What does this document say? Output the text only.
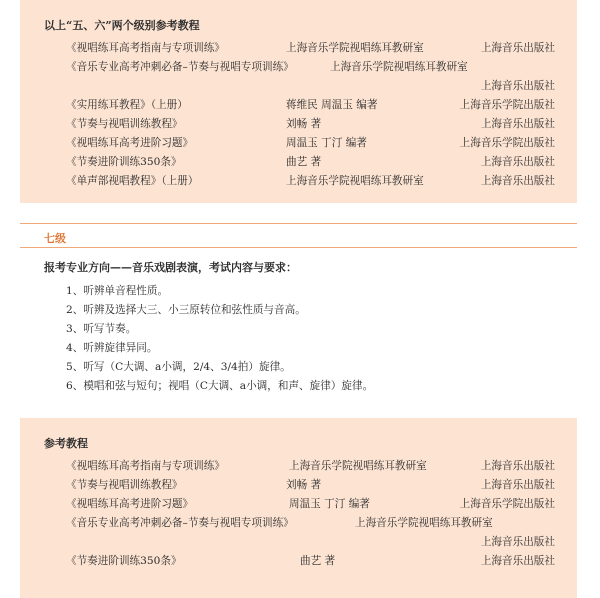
以上“五、六”两个级别参考教程
《视唱练耳高考指南与专项训练》	上海音乐学院视唱练耳教研室	上海音乐出版社
《音乐专业高考冲刺必备–节奏与视唱专项训练》	上海音乐学院视唱练耳教研室
上海音乐出版社
《实用练耳教程》（上册）	蒋维民 周温玉 编著	上海音乐学院出版社
《节奏与视唱训练教程》	刘畅 著	上海音乐出版社
《视唱练耳高考进阶习题》	周温玉 丁汀 编著	上海音乐学院出版社
《节奏进阶训练350条》	曲艺 著	上海音乐出版社
《单声部视唱教程》（上册）	上海音乐学院视唱练耳教研室	上海音乐出版社
七级
报考专业方向——音乐戏剧表演，考试内容与要求：
1、听辨单音程性质。
2、听辨及选择大三、小三原转位和弦性质与音高。
3、听写节奏。
4、听辨旋律异同。
5、听写（C大调、a小调，2/4、3/4拍）旋律。
6、模唱和弦与短句；视唱（C大调、a小调，和声、旋律）旋律。
参考教程
《视唱练耳高考指南与专项训练》	上海音乐学院视唱练耳教研室	上海音乐出版社
《节奏与视唱训练教程》	刘畅 著	上海音乐出版社
《视唱练耳高考进阶习题》	周温玉 丁汀 编著	上海音乐学院出版社
《音乐专业高考冲刺必备–节奏与视唱专项训练》	上海音乐学院视唱练耳教研室
上海音乐出版社
《节奏进阶训练350条》	曲艺 著	上海音乐出版社
